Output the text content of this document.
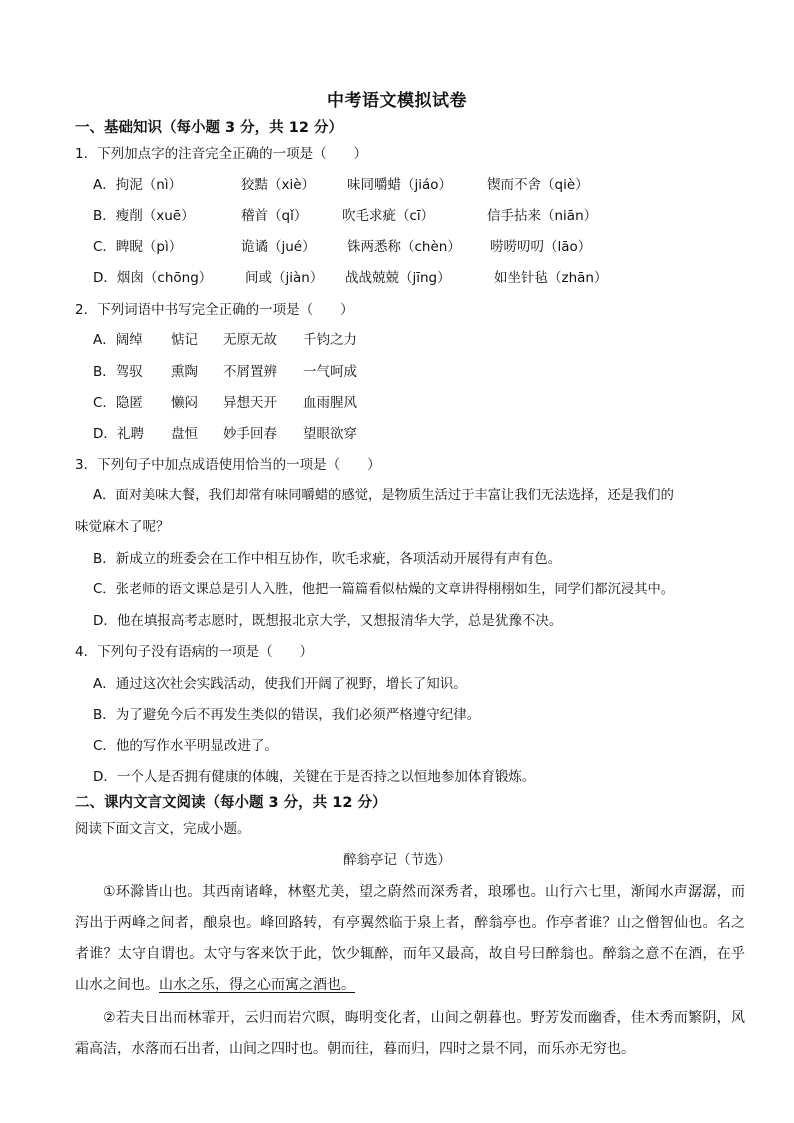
中考语文模拟试卷
一、基础知识（每小题 3 分，共 12 分）
1．下列加点字的注音完全正确的一项是（　　）
A．拘泥（nì）	狡黠（xiè） 味同嚼蜡（jiáo）	锲而不舍（qiè）
B．瘦削（xuē）	稽首（qǐ）	吹毛求疵（cī）	信手拈来（niān）
C．睥睨（pì）	诡谲（jué） 铢两悉称（chèn） 唠唠叨叨（lāo）
D．烟囱（chōng） 间或（jiàn） 战战兢兢（jīng）	如坐针毡（zhān）
2．下列词语中书写完全正确的一项是（　　）
A．阔绰 惦记 无原无故 千钧之力
B．驾驭 熏陶 不屑置辨 一气呵成
C．隐匿 懒闷 异想天开 血雨腥风
D．礼聘 盘恒 妙手回春 望眼欲穿
3．下列句子中加点成语使用恰当的一项是（　　）
A．面对美味大餐，我们却常有味同嚼蜡的感觉，是物质生活过于丰富让我们无法选择，还是我们的
味觉麻木了呢？
B．新成立的班委会在工作中相互协作，吹毛求疵，各项活动开展得有声有色。
C．张老师的语文课总是引人入胜，他把一篇篇看似枯燥的文章讲得栩栩如生，同学们都沉浸其中。
D．他在填报高考志愿时，既想报北京大学，又想报清华大学，总是犹豫不决。
4．下列句子没有语病的一项是（　　）
A．通过这次社会实践活动，使我们开阔了视野，增长了知识。
B．为了避免今后不再发生类似的错误，我们必须严格遵守纪律。
C．他的写作水平明显改进了。
D．一个人是否拥有健康的体魄，关键在于是否持之以恒地参加体育锻炼。
二、课内文言文阅读（每小题 3 分，共 12 分）
阅读下面文言文，完成小题。
醉翁亭记（节选）

①环滁皆山也。其西南诸峰，林壑尤美，望之蔚然而深秀者，琅琊也。山行六七里，渐闻水声潺潺，而泻出于两峰之间者，酿泉也。峰回路转，有亭翼然临于泉上者，醉翁亭也。作亭者谁？山之僧智仙也。名之者谁？太守自谓也。太守与客来饮于此，饮少辄醉，而年又最高，故自号曰醉翁也。醉翁之意不在酒，在乎山水之间也。山水之乐，得之心而寓之酒也。

②若夫日出而林霏开，云归而岩穴暝，晦明变化者，山间之朝暮也。野芳发而幽香，佳木秀而繁阴，风霜高洁，水落而石出者，山间之四时也。朝而往，暮而归，四时之景不同，而乐亦无穷也。
